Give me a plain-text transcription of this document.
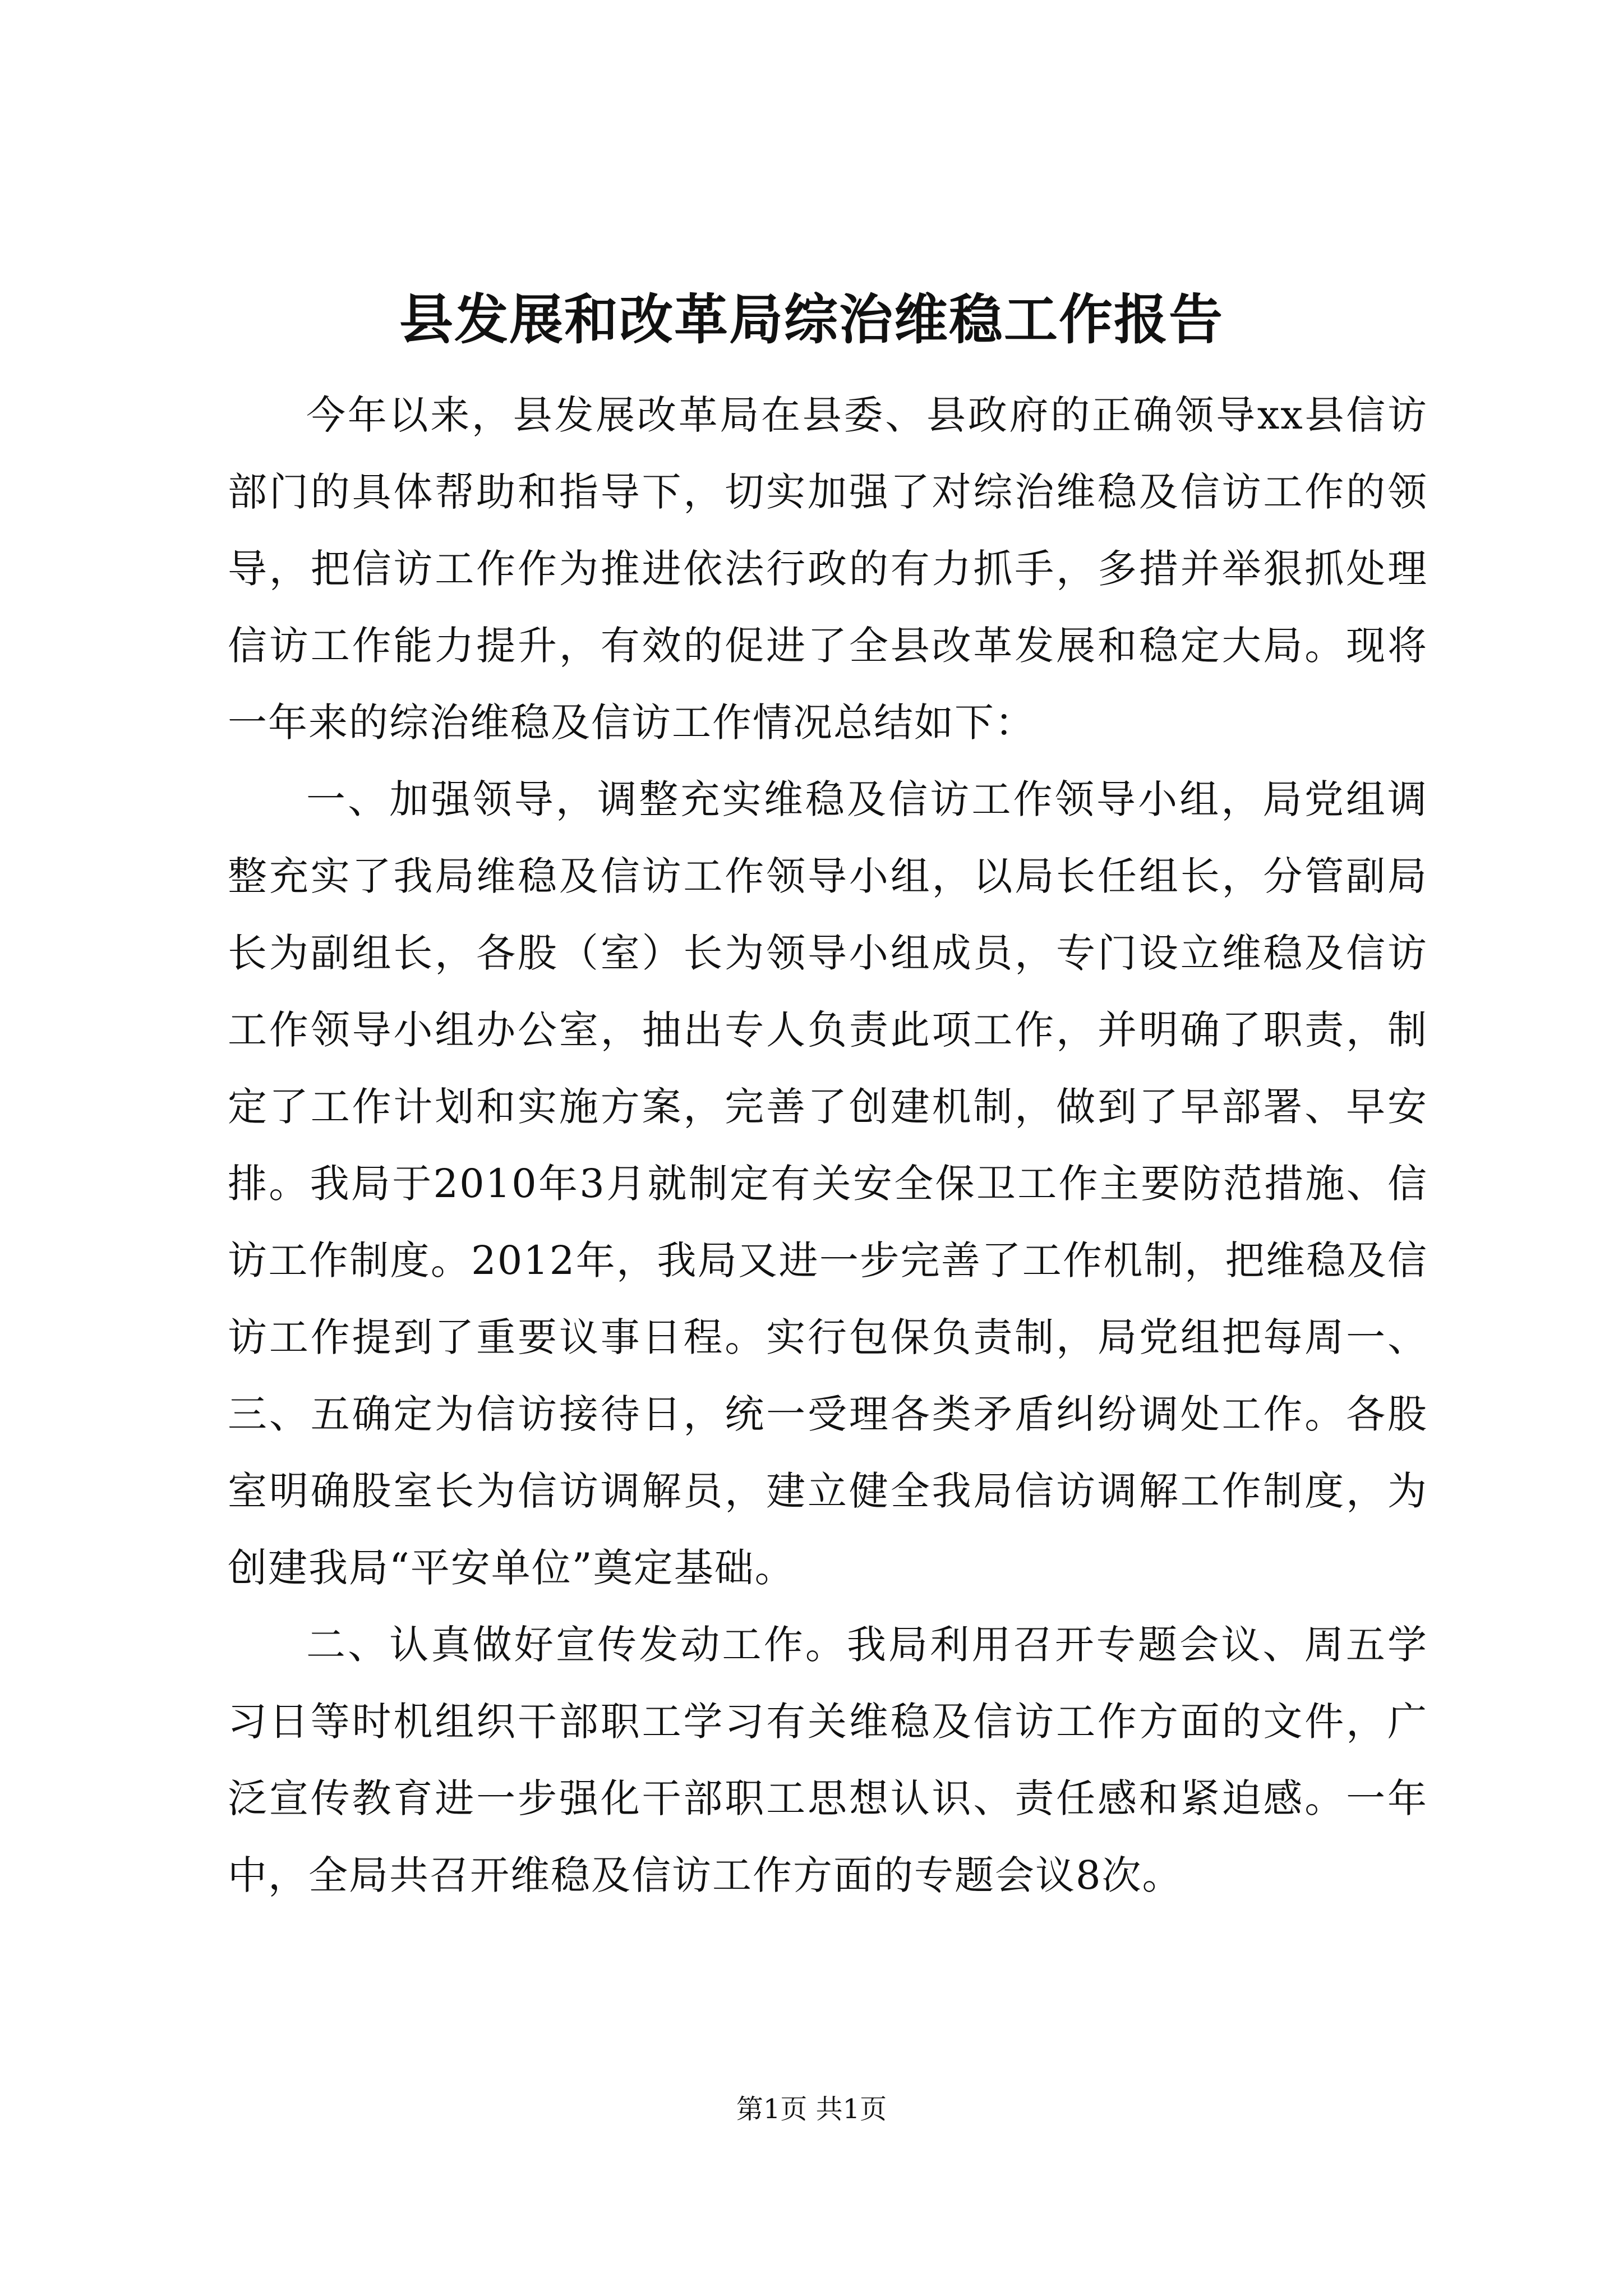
县发展和改革局综治维稳工作报告

今年以来，县发展改革局在县委、县政府的正确领导xx县信访部门的具体帮助和指导下，切实加强了对综治维稳及信访工作的领导，把信访工作作为推进依法行政的有力抓手，多措并举狠抓处理信访工作能力提升，有效的促进了全县改革发展和稳定大局。现将一年来的综治维稳及信访工作情况总结如下：

一、加强领导，调整充实维稳及信访工作领导小组，局党组调整充实了我局维稳及信访工作领导小组，以局长任组长，分管副局长为副组长，各股（室）长为领导小组成员，专门设立维稳及信访工作领导小组办公室，抽出专人负责此项工作，并明确了职责，制定了工作计划和实施方案，完善了创建机制，做到了早部署、早安排。我局于2010年3月就制定有关安全保卫工作主要防范措施、信访工作制度。2012年，我局又进一步完善了工作机制，把维稳及信访工作提到了重要议事日程。实行包保负责制，局党组把每周一、三、五确定为信访接待日，统一受理各类矛盾纠纷调处工作。各股室明确股室长为信访调解员，建立健全我局信访调解工作制度，为创建我局“平安单位”奠定基础。

二、认真做好宣传发动工作。我局利用召开专题会议、周五学习日等时机组织干部职工学习有关维稳及信访工作方面的文件，广泛宣传教育进一步强化干部职工思想认识、责任感和紧迫感。一年中，全局共召开维稳及信访工作方面的专题会议8次。

第1页 共1页
